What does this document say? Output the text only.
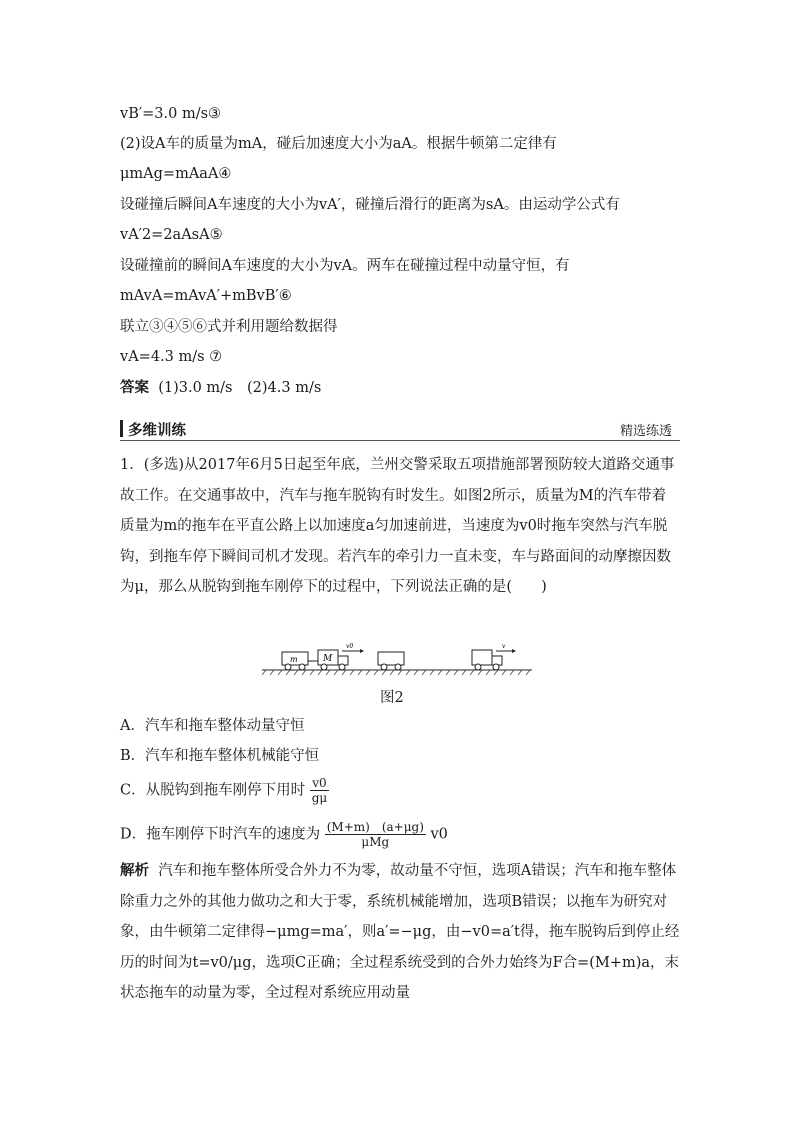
vB′=3.0 m/s③
(2)设A车的质量为mA，碰后加速度大小为aA。根据牛顿第二定律有
μmAg=mAaA④
设碰撞后瞬间A车速度的大小为vA′，碰撞后滑行的距离为sA。由运动学公式有
vA′2=2aAsA⑤
设碰撞前的瞬间A车速度的大小为vA。两车在碰撞过程中动量守恒，有
mAvA=mAvA′+mBvB′⑥
联立③④⑤⑥式并利用题给数据得
vA=4.3 m/s ⑦
答案 (1)3.0 m/s　(2)4.3 m/s
多维训练	精选练透
1．(多选)从2017年6月5日起至年底，兰州交警采取五项措施部署预防较大道路交通事故工作。在交通事故中，汽车与拖车脱钩有时发生。如图2所示，质量为M的汽车带着质量为m的拖车在平直公路上以加速度a匀加速前进，当速度为v0时拖车突然与汽车脱钩，到拖车停下瞬间司机才发现。若汽车的牵引力一直未变，车与路面间的动摩擦因数为μ，那么从脱钩到拖车刚停下的过程中，下列说法正确的是(　　)
m	M
v0	v
图2
A．汽车和拖车整体动量守恒
B．汽车和拖车整体机械能守恒
C．从脱钩到拖车刚停下用时 $\frac{v0}{g\mu}$
D．拖车刚停下时汽车的速度为 $\frac{(M+m) (a+\mu g)}{\text{μMg}} v0$
解析 汽车和拖车整体所受合外力不为零，故动量不守恒，选项A错误；汽车和拖车整体除重力之外的其他力做功之和大于零，系统机械能增加，选项B错误；以拖车为研究对象，由牛顿第二定律得−μmg=ma′，则a′=−μg，由−v0=a′t得，拖车脱钩后到停止经历的时间为t=v0/μg，选项C正确；全过程系统受到的合外力始终为F合=(M+m)a，末状态拖车的动量为零，全过程对系统应用动量
